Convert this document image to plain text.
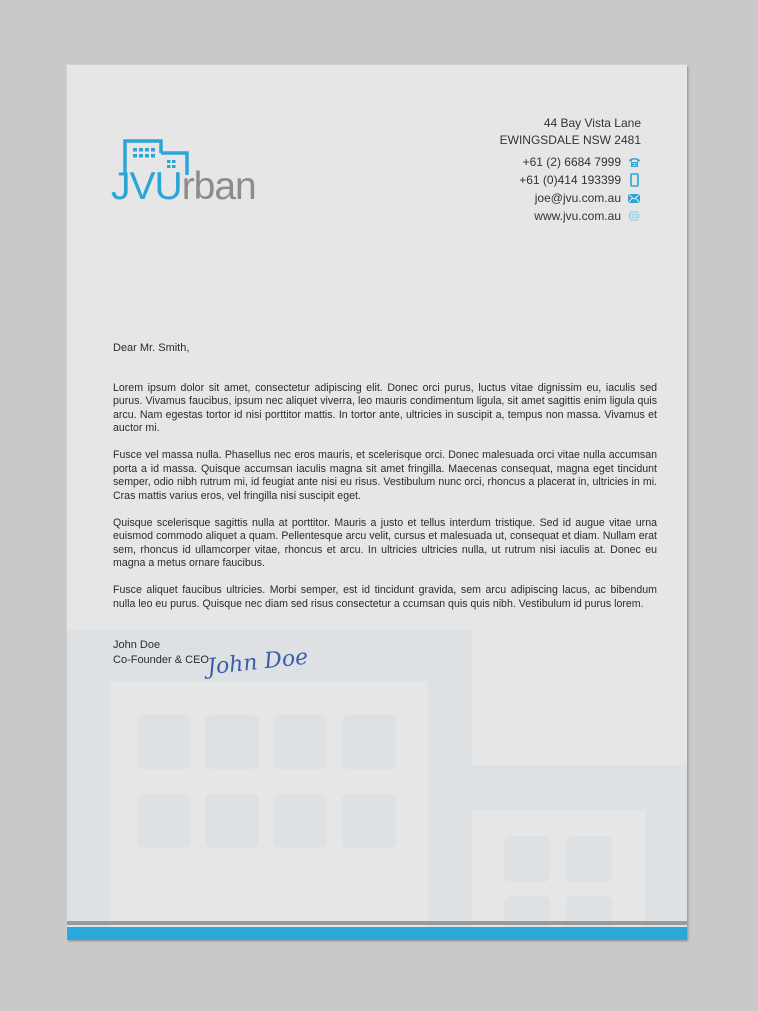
JVUrban
44 Bay Vista Lane
EWINGSDALE NSW 2481
+61 (2) 6684 7999
+61 (0)414 193399
joe@jvu.com.au
www.jvu.com.au
Dear Mr. Smith,

Lorem ipsum dolor sit amet, consectetur adipiscing elit. Donec orci purus, luctus vitae dignissim eu, iaculis sed purus. Vivamus faucibus, ipsum nec aliquet viverra, leo mauris condimentum ligula, sit amet sagittis enim ligula quis arcu. Nam egestas tortor id nisi porttitor mattis. In tortor ante, ultricies in suscipit a, tempus non massa. Vivamus et auctor mi.

Fusce vel massa nulla. Phasellus nec eros mauris, et scelerisque orci. Donec malesuada orci vitae nulla accumsan porta a id massa. Quisque accumsan iaculis magna sit amet fringilla. Maecenas consequat, magna eget tincidunt semper, odio nibh rutrum mi, id feugiat ante nisi eu risus. Vestibulum nunc orci, rhoncus a placerat in, ultricies in mi. Cras mattis varius eros, vel fringilla nisi suscipit eget.

Quisque scelerisque sagittis nulla at porttitor. Mauris a justo et tellus interdum tristique. Sed id augue vitae urna euismod commodo aliquet a quam. Pellentesque arcu velit, cursus et malesuada ut, consequat et diam. Nullam erat sem, rhoncus id ullamcorper vitae, rhoncus et arcu. In ultricies ultricies nulla, ut rutrum nisi iaculis at. Donec eu magna a metus ornare faucibus.

Fusce aliquet faucibus ultricies. Morbi semper, est id tincidunt gravida, sem arcu adipiscing lacus, ac bibendum nulla leo eu purus. Quisque nec diam sed risus consectetur a ccumsan quis quis nibh. Vestibulum id purus lorem.

John Doe
Co-Founder & CEO
John Doe
